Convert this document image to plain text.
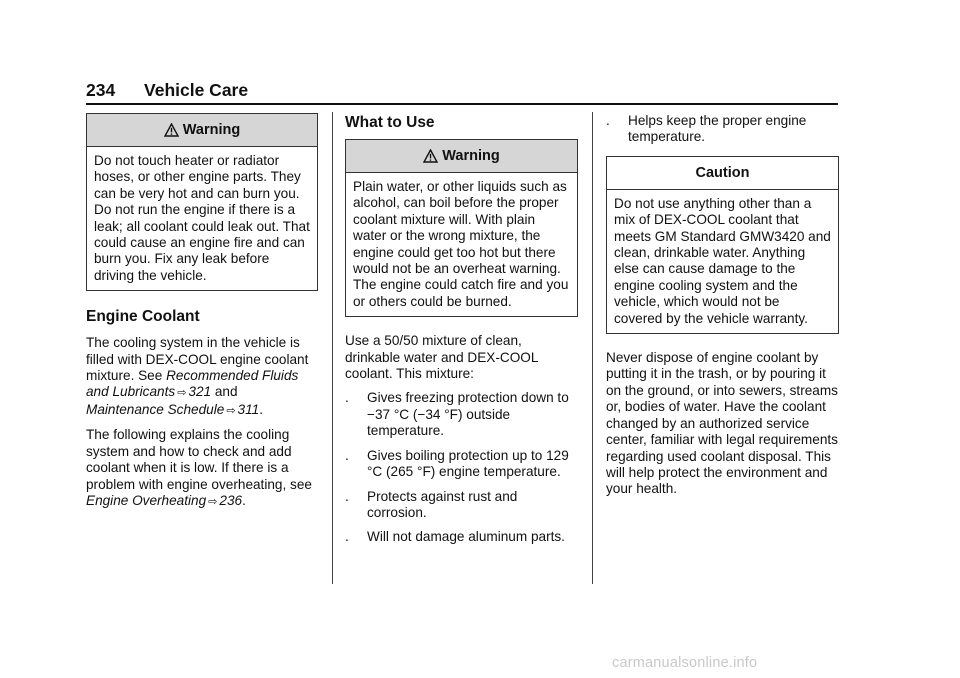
234 Vehicle Care
Warning
Do not touch heater or radiator hoses, or other engine parts. They can be very hot and can burn you. Do not run the engine if there is a leak; all coolant could leak out. That could cause an engine fire and can burn you. Fix any leak before driving the vehicle.
Engine Coolant

The cooling system in the vehicle is filled with DEX-COOL engine coolant mixture. See Recommended Fluids and Lubricants ⇨ 321 and Maintenance Schedule ⇨ 311.

The following explains the cooling system and how to check and add coolant when it is low. If there is a problem with engine overheating, see Engine Overheating ⇨ 236.

What to Use
Warning
Plain water, or other liquids such as alcohol, can boil before the proper coolant mixture will. With plain water or the wrong mixture, the engine could get too hot but there would not be an overheat warning. The engine could catch fire and you or others could be burned.

Use a 50/50 mixture of clean, drinkable water and DEX-COOL coolant. This mixture:

. Gives freezing protection down to −37 °C (−34 °F) outside temperature.
. Gives boiling protection up to 129 °C (265 °F) engine temperature.
. Protects against rust and corrosion.
. Will not damage aluminum parts.
. Helps keep the proper engine temperature.
Caution
Do not use anything other than a mix of DEX-COOL coolant that meets GM Standard GMW3420 and clean, drinkable water. Anything else can cause damage to the engine cooling system and the vehicle, which would not be covered by the vehicle warranty.

Never dispose of engine coolant by putting it in the trash, or by pouring it on the ground, or into sewers, streams or, bodies of water. Have the coolant changed by an authorized service center, familiar with legal requirements regarding used coolant disposal. This will help protect the environment and your health.

carmanualsonline.info
